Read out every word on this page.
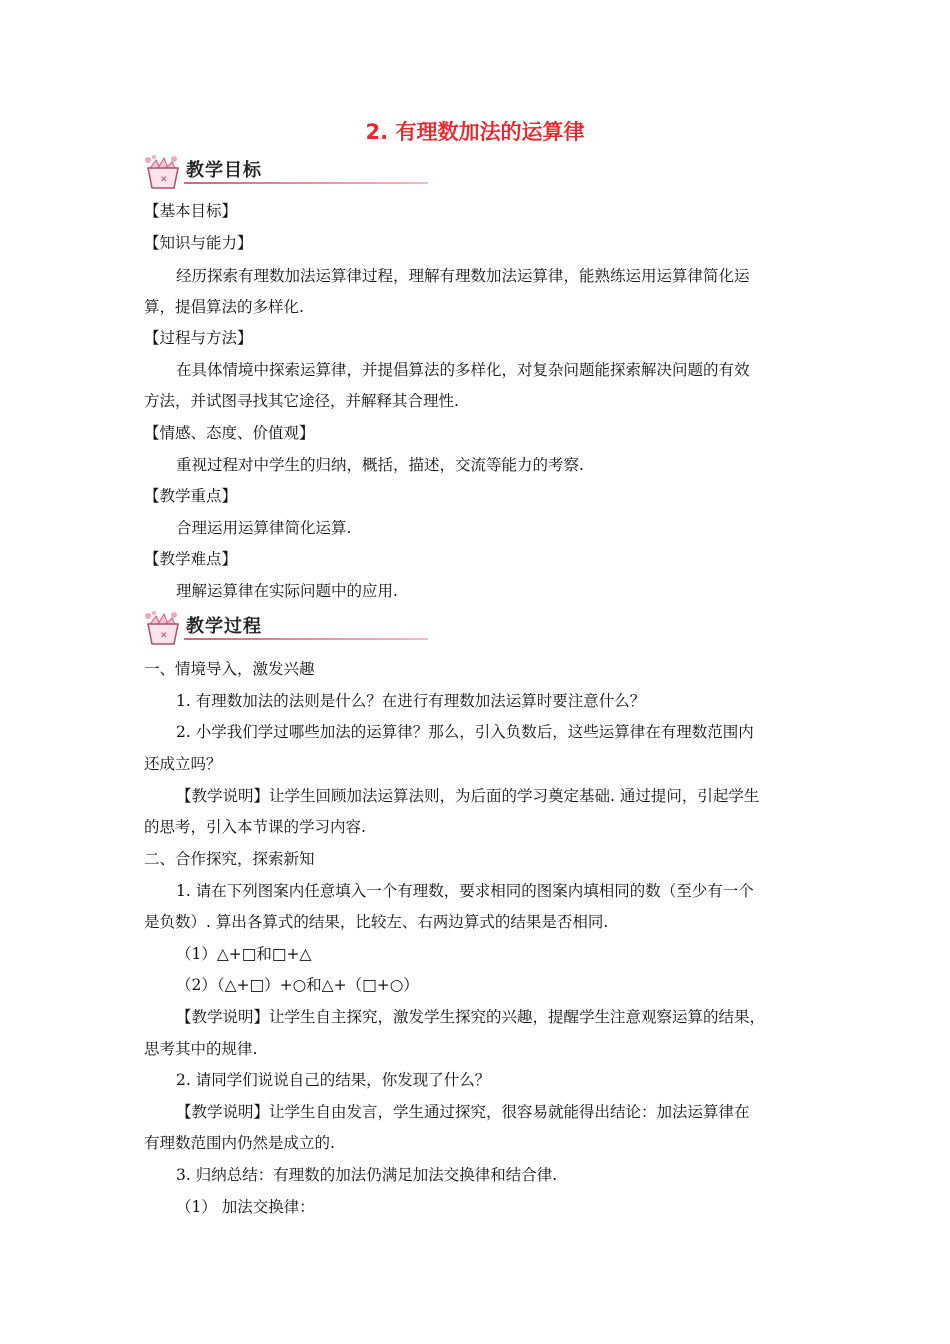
2. 有理数加法的运算律
✕ 教学目标
【基本目标】
【知识与能力】
经历探索有理数加法运算律过程，理解有理数加法运算律，能熟练运用运算律简化运
算，提倡算法的多样化.
【过程与方法】
在具体情境中探索运算律，并提倡算法的多样化，对复杂问题能探索解决问题的有效
方法，并试图寻找其它途径，并解释其合理性.
【情感、态度、价值观】
重视过程对中学生的归纳，概括，描述，交流等能力的考察.
【教学重点】
合理运用运算律简化运算.
【教学难点】
理解运算律在实际问题中的应用.
✕ 教学过程
一、情境导入，激发兴趣
1. 有理数加法的法则是什么？在进行有理数加法运算时要注意什么？
2. 小学我们学过哪些加法的运算律？那么，引入负数后，这些运算律在有理数范围内
还成立吗？
【教学说明】让学生回顾加法运算法则，为后面的学习奠定基础. 通过提问，引起学生
的思考，引入本节课的学习内容.
二、合作探究，探索新知
1. 请在下列图案内任意填入一个有理数，要求相同的图案内填相同的数（至少有一个
是负数）. 算出各算式的结果，比较左、右两边算式的结果是否相同.
（1）△+□和□+△
（2）（△+□）+○和△+（□+○）
【教学说明】让学生自主探究，激发学生探究的兴趣，提醒学生注意观察运算的结果，
思考其中的规律.
2. 请同学们说说自己的结果，你发现了什么？
【教学说明】让学生自由发言，学生通过探究，很容易就能得出结论：加法运算律在
有理数范围内仍然是成立的.
3. 归纳总结：有理数的加法仍满足加法交换律和结合律.
（1） 加法交换律：
